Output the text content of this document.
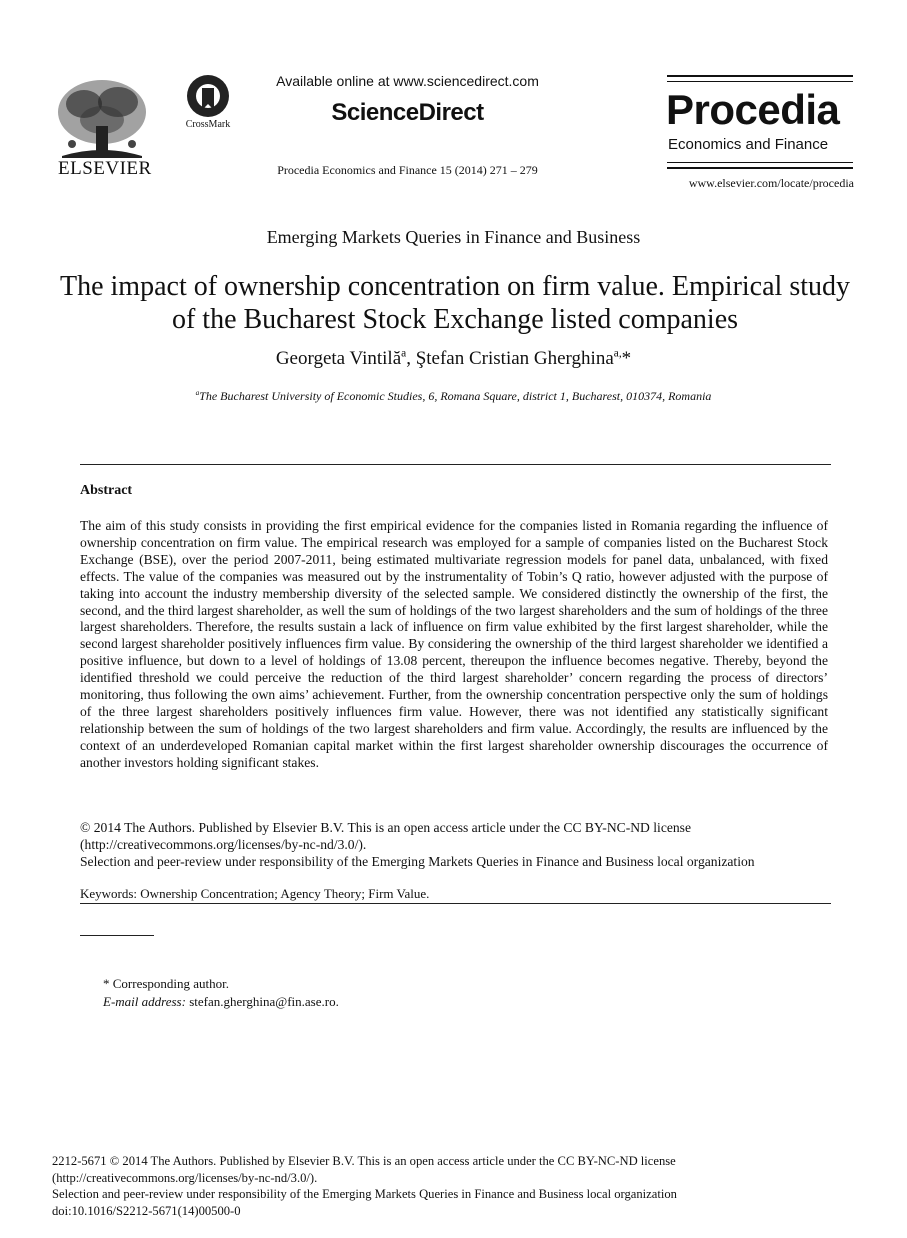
ELSEVIER
CrossMark
Available online at www.sciencedirect.com
ScienceDirect
Procedia Economics and Finance 15 (2014) 271 – 279
Procedia
Economics and Finance
www.elsevier.com/locate/procedia
Emerging Markets Queries in Finance and Business
The impact of ownership concentration on firm value. Empirical study of the Bucharest Stock Exchange listed companies
Georgeta Vintilă$^a$, Ştefan Cristian Gherghina$^{a,}$*
$^a$The Bucharest University of Economic Studies, 6, Romana Square, district 1, Bucharest, 010374, Romania
Abstract
The aim of this study consists in providing the first empirical evidence for the companies listed in Romania regarding the influence of ownership concentration on firm value. The empirical research was employed for a sample of companies listed on the Bucharest Stock Exchange (BSE), over the period 2007-2011, being estimated multivariate regression models for panel data, unbalanced, with fixed effects. The value of the companies was measured out by the instrumentality of Tobin’s Q ratio, however adjusted with the purpose of taking into account the industry membership diversity of the selected sample. We considered distinctly the ownership of the first, the second, and the third largest shareholder, as well the sum of holdings of the two largest shareholders and the sum of holdings of the three largest shareholders. Therefore, the results sustain a lack of influence on firm value exhibited by the first largest shareholder, while the second largest shareholder positively influences firm value. By considering the ownership of the third largest shareholder we identified a positive influence, but down to a level of holdings of 13.08 percent, thereupon the influence becomes negative. Thereby, beyond the identified threshold we could perceive the reduction of the third largest shareholder’ concern regarding the process of directors’ monitoring, thus following the own aims’ achievement. Further, from the ownership concentration perspective only the sum of holdings of the three largest shareholders positively influences firm value. However, there was not identified any statistically significant relationship between the sum of holdings of the two largest shareholders and firm value. Accordingly, the results are influenced by the context of an underdeveloped Romanian capital market within the first largest shareholder ownership discourages the occurrence of another investors holding significant stakes.
© 2014 The Authors. Published by Elsevier B.V. This is an open access article under the CC BY-NC-ND license
(http://creativecommons.org/licenses/by-nc-nd/3.0/).
Selection and peer-review under responsibility of the Emerging Markets Queries in Finance and Business local organization
Keywords: Ownership Concentration; Agency Theory; Firm Value.
* Corresponding author.
E-mail address: stefan.gherghina@fin.ase.ro.
2212-5671 © 2014 The Authors. Published by Elsevier B.V. This is an open access article under the CC BY-NC-ND license
(http://creativecommons.org/licenses/by-nc-nd/3.0/).
Selection and peer-review under responsibility of the Emerging Markets Queries in Finance and Business local organization
doi:10.1016/S2212-5671(14)00500-0
